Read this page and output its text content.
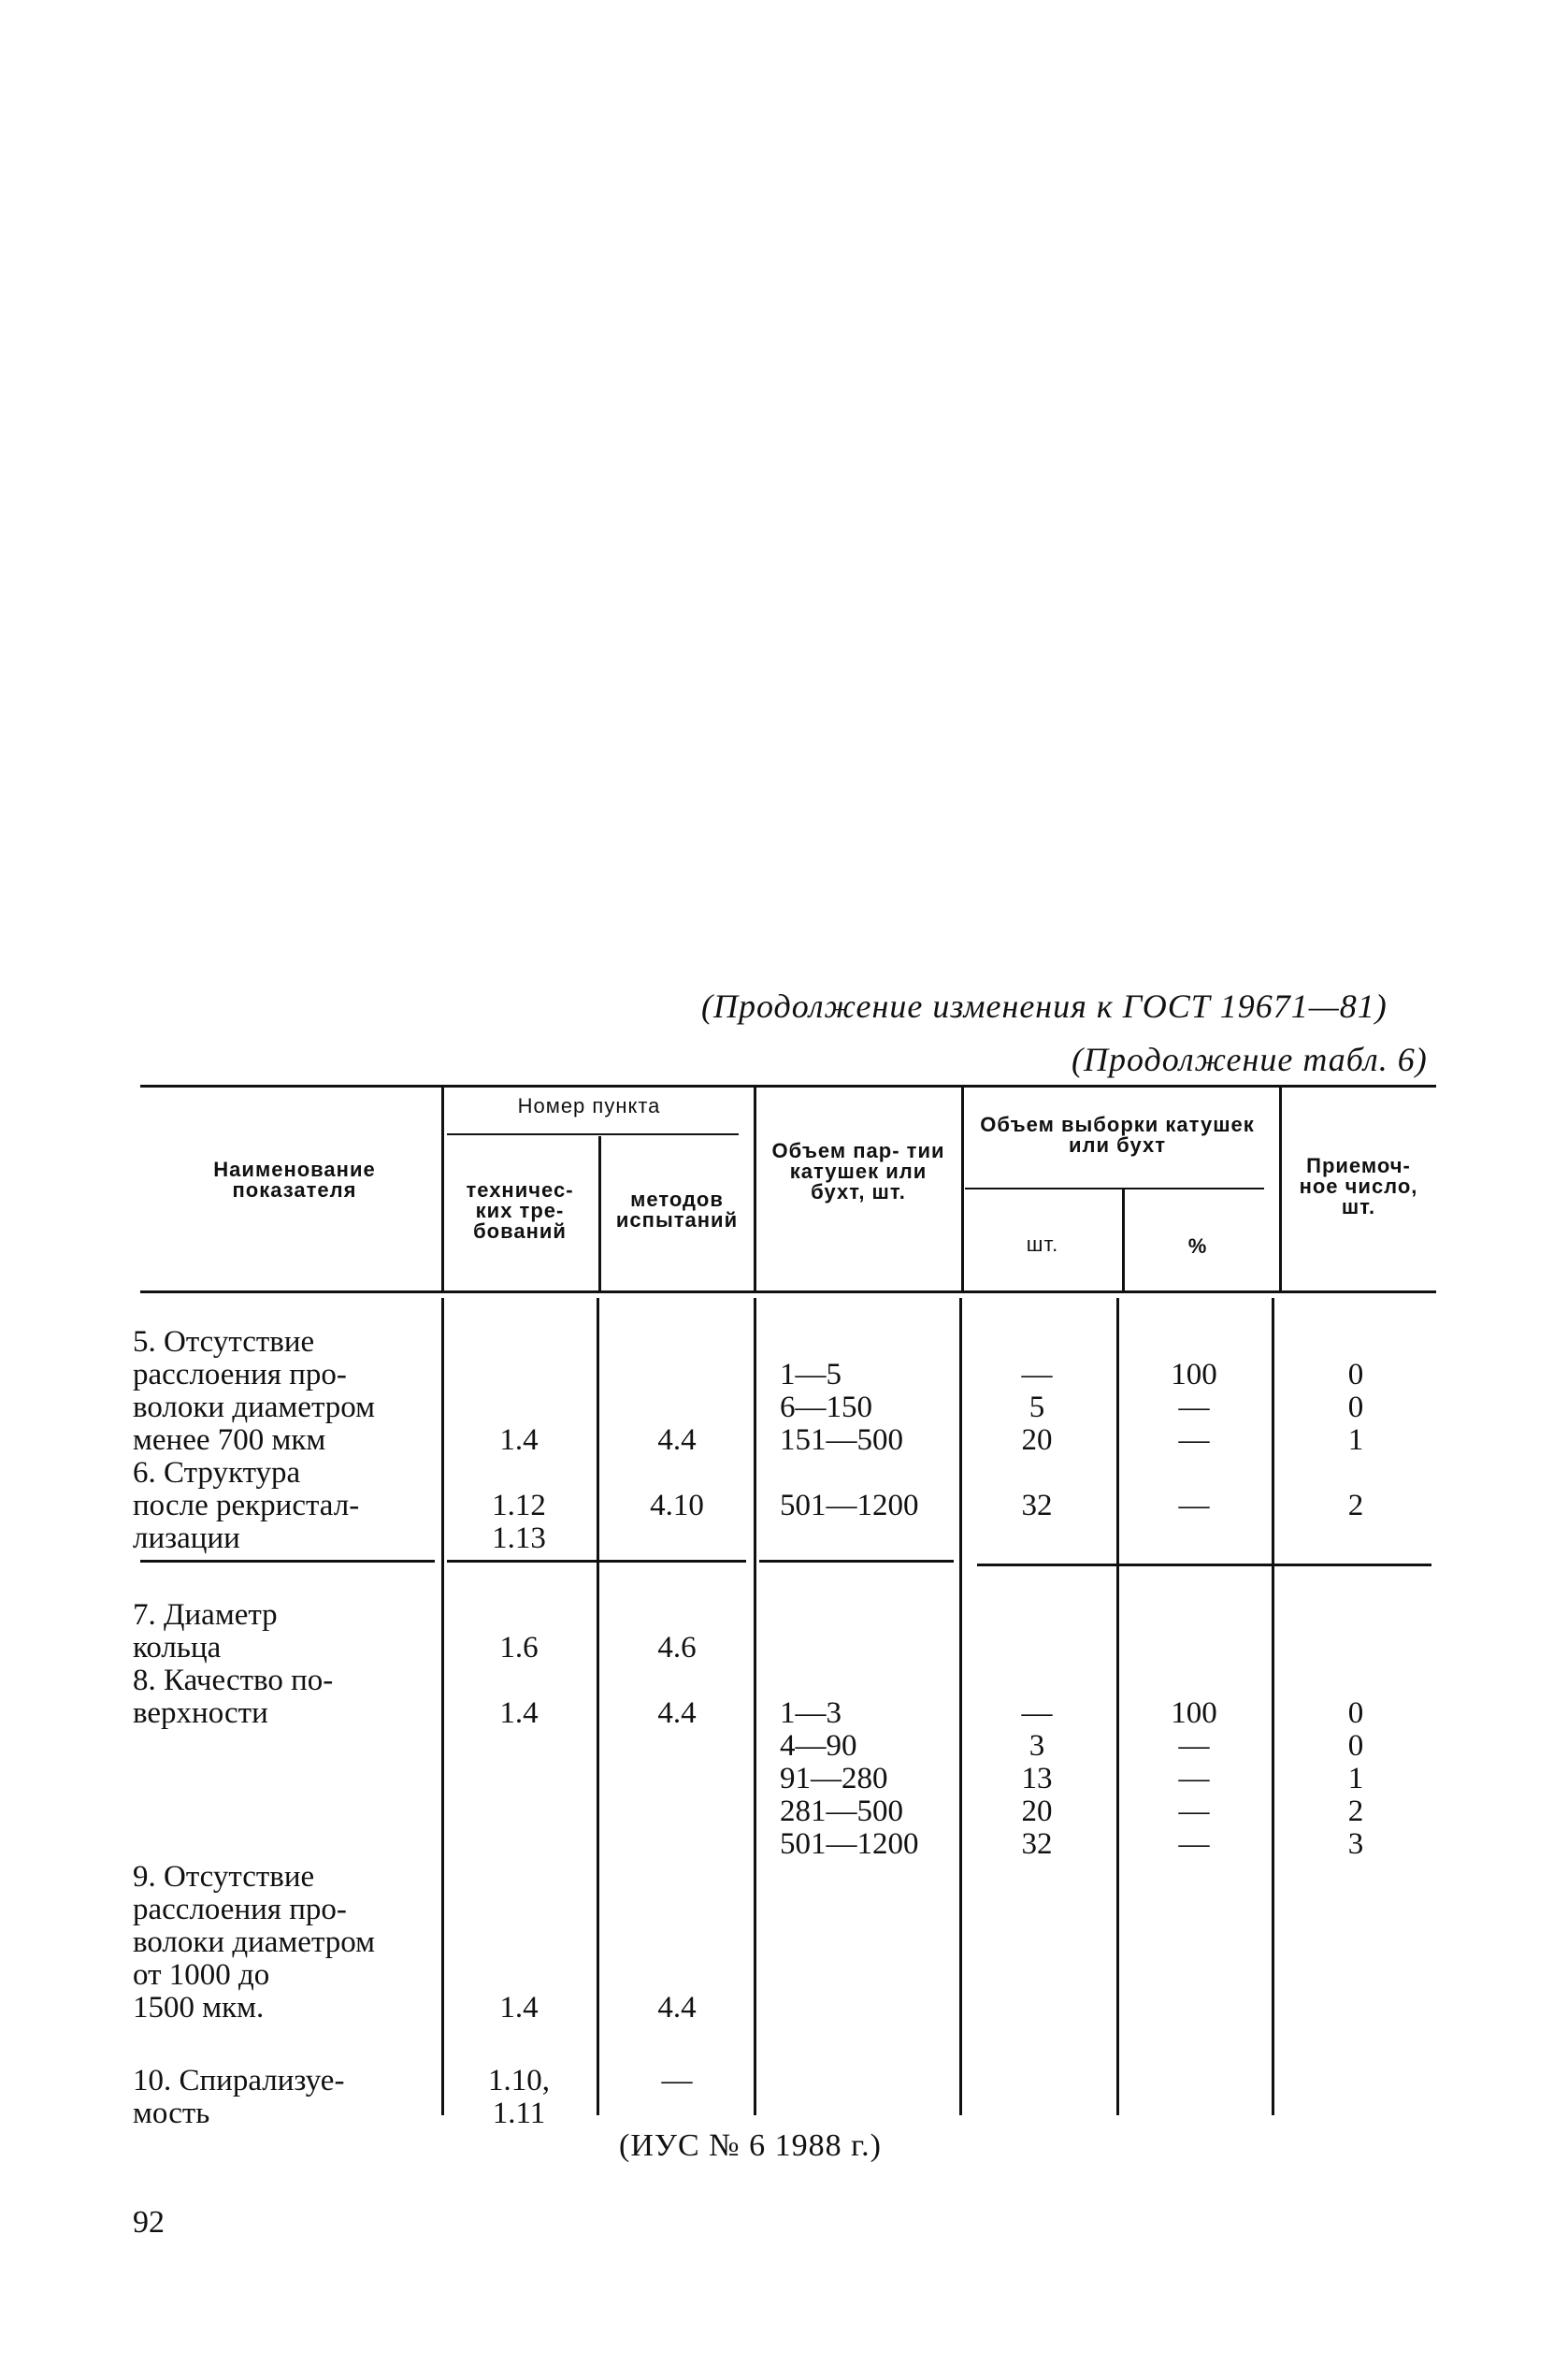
(Продолжение изменения к ГОСТ 19671—81)
(Продолжение табл. 6)
Наименование показателя
Номер пункта
техничес- ких тре- бований
методов испытаний
Объем пар- тии катушек или бухт, шт.
Объем выборки катушек или бухт
шт.	%
Приемоч- ное число, шт.
5. Отсутствие
расслоения про-
волоки диаметром
менее 700 мкм
6. Структура
после рекристал-
лизации

1.4

1.12
1.13

4.4

4.10

1—5
6—150
151—500

501—1200

—
5
20

32

100
—
—

—

0
0
1

2
7. Диаметр
кольца
8. Качество по-
верхности

9. Отсутствие
расслоения про-
волоки диаметром
от 1000 до
1500 мкм.
10. Спирализуе-
мость

1.6

1.4

1.4
1.10,
1.11

4.6

4.4

4.4
—
1—3
4—90
91—280
281—500
501—1200
—
3
13
20
32
100
—
—
—
—
0
0
1
2
3
(ИУС № 6 1988 г.)
92
